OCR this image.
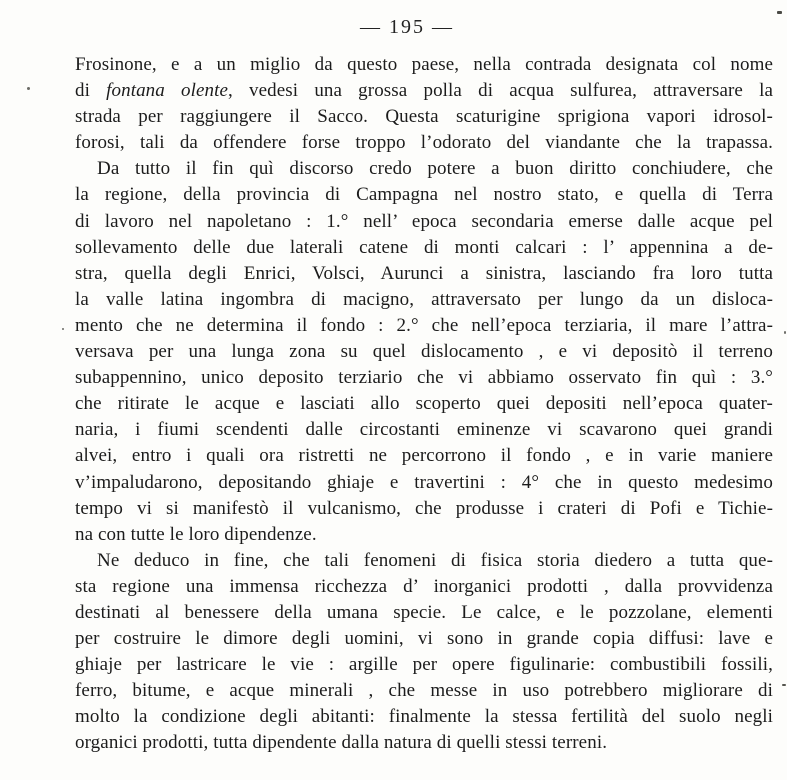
— 195 —
Frosinone, e a un miglio da questo paese, nella contrada designata col nome
di fontana olente, vedesi una grossa polla di acqua sulfurea, attraversare la
strada per raggiungere il Sacco. Questa scaturigine sprigiona vapori idrosol-
forosi, tali da offendere forse troppo l’odorato del viandante che la trapassa.
Da tutto il fin quì discorso credo potere a buon diritto conchiudere, che
la regione, della provincia di Campagna nel nostro stato, e quella di Terra
di lavoro nel napoletano : 1.° nell’ epoca secondaria emerse dalle acque pel
sollevamento delle due laterali catene di monti calcari : l’ appennina a de-
stra, quella degli Enrici, Volsci, Aurunci a sinistra, lasciando fra loro tutta
la valle latina ingombra di macigno, attraversato per lungo da un disloca-
mento che ne determina il fondo : 2.° che nell’epoca terziaria, il mare l’attra-
versava per una lunga zona su quel dislocamento , e vi depositò il terreno
subappennino, unico deposito terziario che vi abbiamo osservato fin quì : 3.°
che ritirate le acque e lasciati allo scoperto quei depositi nell’epoca quater-
naria, i fiumi scendenti dalle circostanti eminenze vi scavarono quei grandi
alvei, entro i quali ora ristretti ne percorrono il fondo , e in varie maniere
v’impaludarono, depositando ghiaje e travertini : 4° che in questo medesimo
tempo vi si manifestò il vulcanismo, che produsse i crateri di Pofi e Tichie-
na con tutte le loro dipendenze.
Ne deduco in fine, che tali fenomeni di fisica storia diedero a tutta que-
sta regione una immensa ricchezza d’ inorganici prodotti , dalla provvidenza
destinati al benessere della umana specie. Le calce, e le pozzolane, elementi
per costruire le dimore degli uomini, vi sono in grande copia diffusi: lave e
ghiaje per lastricare le vie : argille per opere figulinarie: combustibili fossili,
ferro, bitume, e acque minerali , che messe in uso potrebbero migliorare di
molto la condizione degli abitanti: finalmente la stessa fertilità del suolo negli
organici prodotti, tutta dipendente dalla natura di quelli stessi terreni.
